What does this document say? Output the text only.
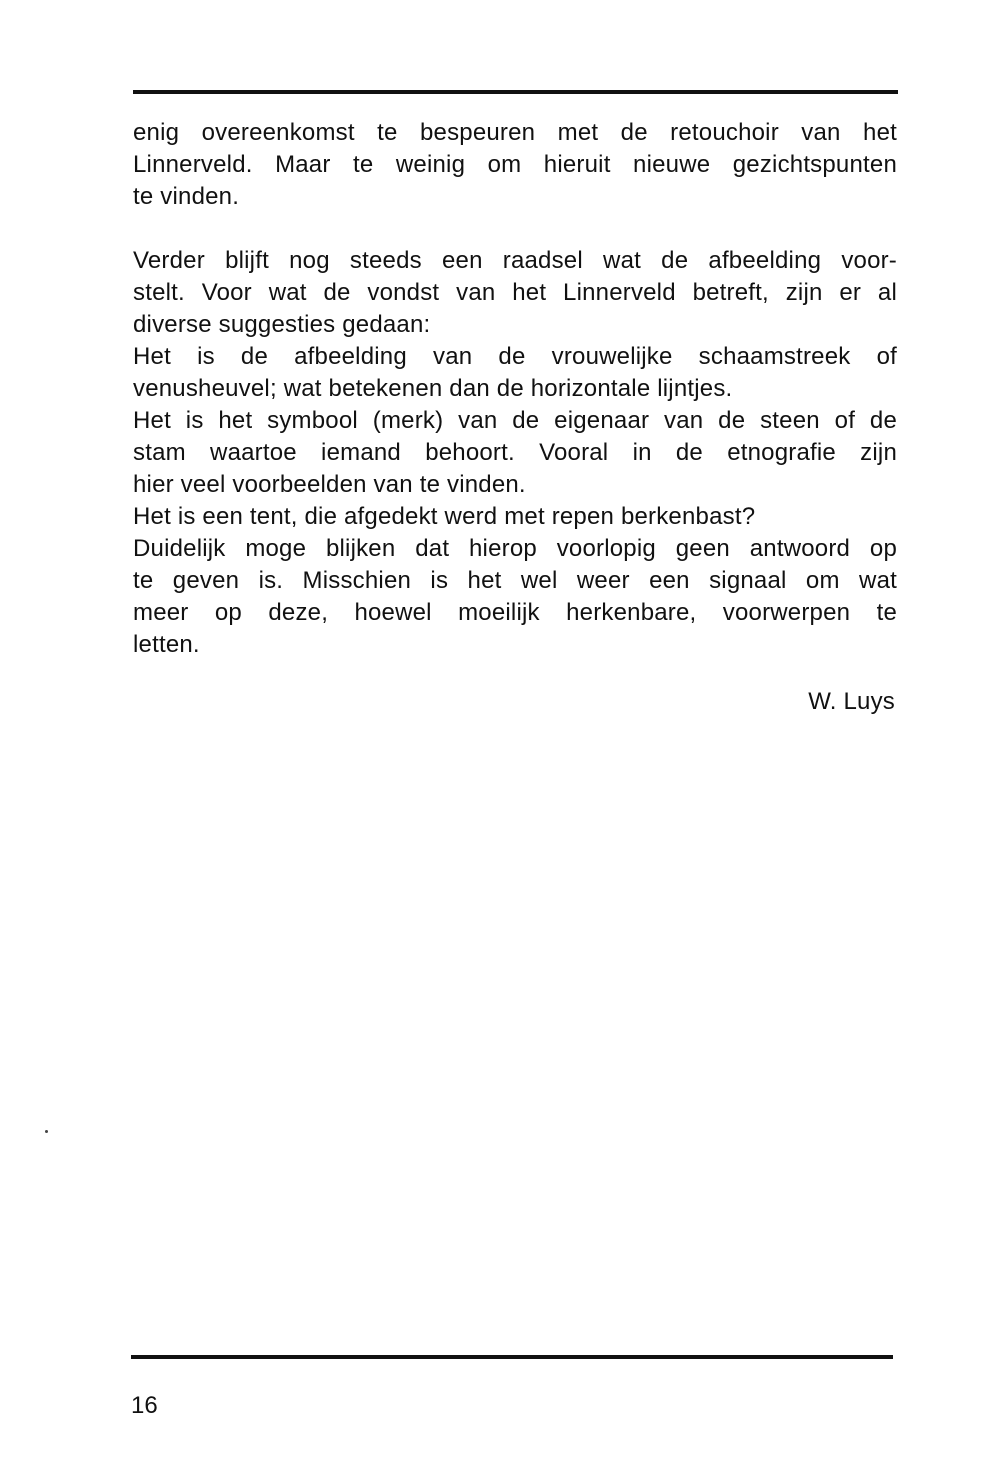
enig overeenkomst te bespeuren met de retouchoir van het
Linnerveld. Maar te weinig om hieruit nieuwe gezichtspunten
te vinden.
Verder blijft nog steeds een raadsel wat de afbeelding voor-
stelt. Voor wat de vondst van het Linnerveld betreft, zijn er al
diverse suggesties gedaan:
Het is de afbeelding van de vrouwelijke schaamstreek of
venusheuvel; wat betekenen dan de horizontale lijntjes.
Het is het symbool (merk) van de eigenaar van de steen of de
stam waartoe iemand behoort. Vooral in de etnografie zijn
hier veel voorbeelden van te vinden.
Het is een tent, die afgedekt werd met repen berkenbast?
Duidelijk moge blijken dat hierop voorlopig geen antwoord op
te geven is. Misschien is het wel weer een signaal om wat
meer op deze, hoewel moeilijk herkenbare, voorwerpen te
letten.
W. Luys
16
